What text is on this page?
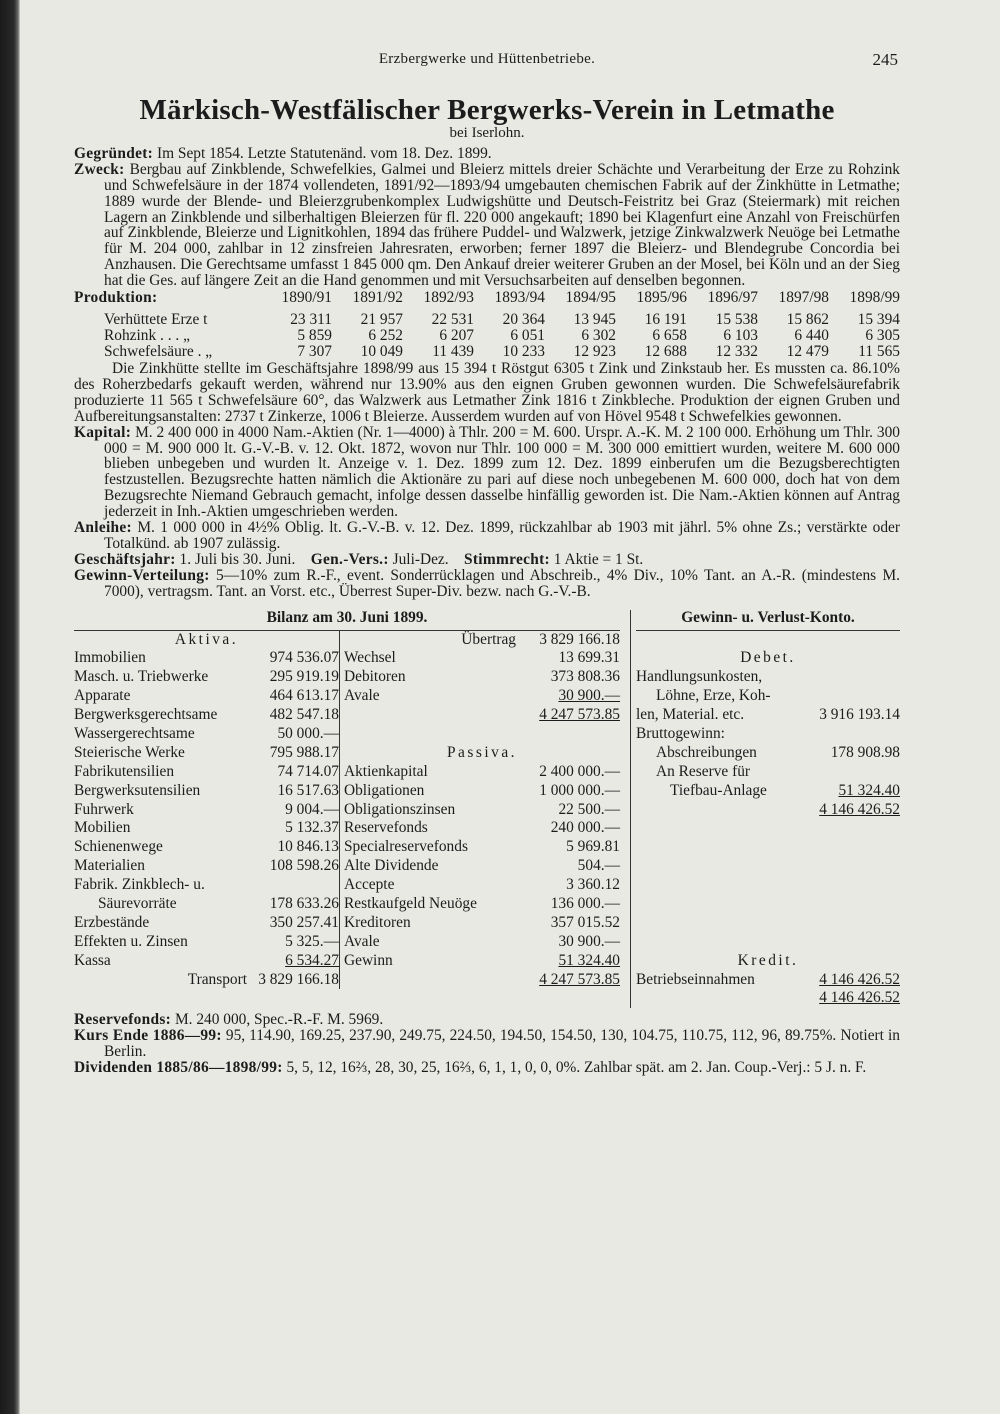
Erzbergwerke und Hüttenbetriebe.	245
Märkisch-Westfälischer Bergwerks-Verein in Letmathe
bei Iserlohn.

Gegründet: Im Sept 1854. Letzte Statutenänd. vom 18. Dez. 1899.

Zweck: Bergbau auf Zinkblende, Schwefelkies, Galmei und Bleierz mittels dreier Schächte und Verarbeitung der Erze zu Rohzink und Schwefelsäure in der 1874 vollendeten, 1891/92—1893/94 umgebauten chemischen Fabrik auf der Zinkhütte in Letmathe; 1889 wurde der Blende- und Bleierzgrubenkomplex Ludwigshütte und Deutsch-Feistritz bei Graz (Steiermark) mit reichen Lagern an Zinkblende und silberhaltigen Bleierzen für fl. 220 000 angekauft; 1890 bei Klagenfurt eine Anzahl von Freischürfen auf Zinkblende, Bleierze und Lignitkohlen, 1894 das frühere Puddel- und Walzwerk, jetzige Zinkwalzwerk Neuöge bei Letmathe für M. 204 000, zahlbar in 12 zinsfreien Jahresraten, erworben; ferner 1897 die Bleierz- und Blendegrube Concordia bei Anzhausen. Die Gerechtsame umfasst 1 845 000 qm. Den Ankauf dreier weiterer Gruben an der Mosel, bei Köln und an der Sieg hat die Ges. auf längere Zeit an die Hand genommen und mit Versuchsarbeiten auf denselben begonnen.

Produktion:	1890/91	1891/92	1892/93	1893/94	1894/95	1895/96	1896/97	1897/98	1898/99
Verhüttete Erze t	23 311	21 957	22 531	20 364	13 945	16 191	15 538	15 862	15 394
Rohzink . . . „	5 859	6 252	6 207	6 051	6 302	6 658	6 103	6 440	6 305
Schwefelsäure . „	7 307	10 049	11 439	10 233	12 923	12 688	12 332	12 479	11 565

Die Zinkhütte stellte im Geschäftsjahre 1898/99 aus 15 394 t Röstgut 6305 t Zink und Zinkstaub her. Es mussten ca. 86.10% des Roherzbedarfs gekauft werden, während nur 13.90% aus den eignen Gruben gewonnen wurden. Die Schwefelsäurefabrik produzierte 11 565 t Schwefelsäure 60°, das Walzwerk aus Letmather Zink 1816 t Zinkbleche. Produktion der eignen Gruben und Aufbereitungsanstalten: 2737 t Zinkerze, 1006 t Bleierze. Ausserdem wurden auf von Hövel 9548 t Schwefelkies gewonnen.

Kapital: M. 2 400 000 in 4000 Nam.-Aktien (Nr. 1—4000) à Thlr. 200 = M. 600. Urspr. A.-K. M. 2 100 000. Erhöhung um Thlr. 300 000 = M. 900 000 lt. G.-V.-B. v. 12. Okt. 1872, wovon nur Thlr. 100 000 = M. 300 000 emittiert wurden, weitere M. 600 000 blieben unbegeben und wurden lt. Anzeige v. 1. Dez. 1899 zum 12. Dez. 1899 einberufen um die Bezugsberechtigten festzustellen. Bezugsrechte hatten nämlich die Aktionäre zu pari auf diese noch unbegebenen M. 600 000, doch hat von dem Bezugsrechte Niemand Gebrauch gemacht, infolge dessen dasselbe hinfällig geworden ist. Die Nam.-Aktien können auf Antrag jederzeit in Inh.-Aktien umgeschrieben werden.

Anleihe: M. 1 000 000 in 4½% Oblig. lt. G.-V.-B. v. 12. Dez. 1899, rückzahlbar ab 1903 mit jährl. 5% ohne Zs.; verstärkte oder Totalkünd. ab 1907 zulässig.

Geschäftsjahr: 1. Juli bis 30. Juni. Gen.-Vers.: Juli-Dez. Stimmrecht: 1 Aktie = 1 St.

Gewinn-Verteilung: 5—10% zum R.-F., event. Sonderrücklagen und Abschreib., 4% Div., 10% Tant. an A.-R. (mindestens M. 7000), vertragsm. Tant. an Vorst. etc., Überrest Super-Div. bezw. nach G.-V.-B.

Bilanz am 30. Juni 1899.
Aktiva.
Immobilien	974 536.07
Masch. u. Triebwerke	295 919.19
Apparate	464 613.17
Bergwerksgerechtsame	482 547.18
Wassergerechtsame	50 000.—
Steierische Werke	795 988.17
Fabrikutensilien	74 714.07
Bergwerksutensilien	16 517.63
Fuhrwerk	9 004.—
Mobilien	5 132.37
Schienenwege	10 846.13
Materialien	108 598.26
Fabrik. Zinkblech- u.
Säurevorräte	178 633.26
Erzbestände	350 257.41
Effekten u. Zinsen	5 325.—
Kassa	6 534.27
Transport 3 829 166.18
Übertrag	3 829 166.18
Wechsel	13 699.31
Debitoren	373 808.36
Avale	30 900.—
4 247 573.85
Passiva.
Aktienkapital	2 400 000.—
Obligationen	1 000 000.—
Obligationszinsen	22 500.—
Reservefonds	240 000.—
Specialreservefonds	5 969.81
Alte Dividende	504.—
Accepte	3 360.12
Restkaufgeld Neuöge	136 000.—
Kreditoren	357 015.52
Avale	30 900.—
Gewinn	51 324.40
4 247 573.85
Gewinn- u. Verlust-Konto.
Debet.
Handlungsunkosten,
Löhne, Erze, Koh-
len, Material. etc.	3 916 193.14
Bruttogewinn:
Abschreibungen	178 908.98
An Reserve für
Tiefbau-Anlage	51 324.40
4 146 426.52
Kredit.
Betriebseinnahmen	4 146 426.52
4 146 426.52

Reservefonds: M. 240 000, Spec.-R.-F. M. 5969.

Kurs Ende 1886—99: 95, 114.90, 169.25, 237.90, 249.75, 224.50, 194.50, 154.50, 130, 104.75, 110.75, 112, 96, 89.75%. Notiert in Berlin.

Dividenden 1885/86—1898/99: 5, 5, 12, 16⅔, 28, 30, 25, 16⅔, 6, 1, 1, 0, 0, 0%. Zahlbar spät. am 2. Jan. Coup.-Verj.: 5 J. n. F.
